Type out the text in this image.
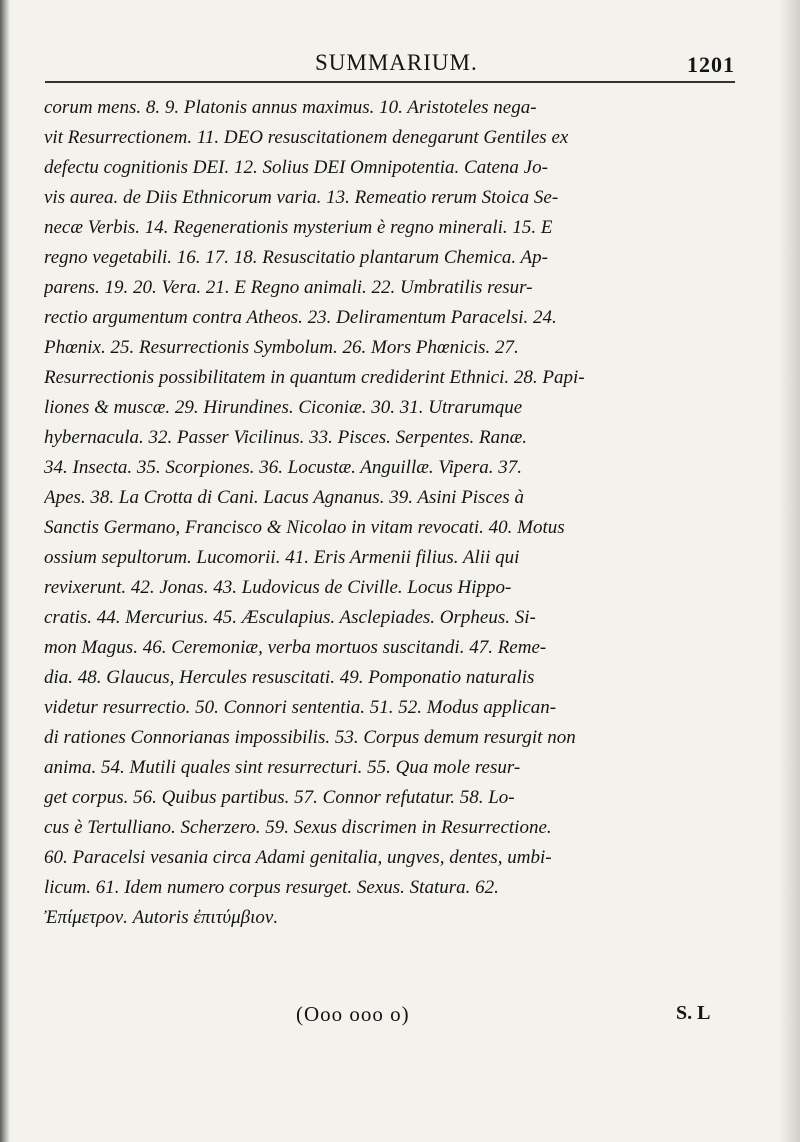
SUMMARIUM.	1201
corum mens. 8. 9. Platonis annus maximus. 10. Aristoteles nega-
vit Resurrectionem. 11. DEO resuscitationem denegarunt Gentiles ex
defectu cognitionis DEI. 12. Solius DEI Omnipotentia. Catena Jo-
vis aurea. de Diis Ethnicorum varia. 13. Remeatio rerum Stoica Se-
necæ Verbis. 14. Regenerationis mysterium è regno minerali. 15. E
regno vegetabili. 16. 17. 18. Resuscitatio plantarum Chemica. Ap-
parens. 19. 20. Vera. 21. E Regno animali. 22. Umbratilis resur-
rectio argumentum contra Atheos. 23. Deliramentum Paracelsi. 24.
Phœnix. 25. Resurrectionis Symbolum. 26. Mors Phœnicis. 27.
Resurrectionis possibilitatem in quantum crediderint Ethnici. 28. Papi-
liones & muscæ. 29. Hirundines. Ciconiæ. 30. 31. Utrarumque
hybernacula. 32. Passer Vicilinus. 33. Pisces. Serpentes. Ranæ.
34. Insecta. 35. Scorpiones. 36. Locustæ. Anguillæ. Vipera. 37.
Apes. 38. La Crotta di Cani. Lacus Agnanus. 39. Asini Pisces à
Sanctis Germano, Francisco & Nicolao in vitam revocati. 40. Motus
ossium sepultorum. Lucomorii. 41. Eris Armenii filius. Alii qui
revixerunt. 42. Jonas. 43. Ludovicus de Civille. Locus Hippo-
cratis. 44. Mercurius. 45. Æsculapius. Asclepiades. Orpheus. Si-
mon Magus. 46. Ceremoniæ, verba mortuos suscitandi. 47. Reme-
dia. 48. Glaucus, Hercules resuscitati. 49. Pomponatio naturalis
videtur resurrectio. 50. Connori sententia. 51. 52. Modus applican-
di rationes Connorianas impossibilis. 53. Corpus demum resurgit non
anima. 54. Mutili quales sint resurrecturi. 55. Qua mole resur-
get corpus. 56. Quibus partibus. 57. Connor refutatur. 58. Lo-
cus è Tertulliano. Scherzero. 59. Sexus discrimen in Resurrectione.
60. Paracelsi vesania circa Adami genitalia, ungves, dentes, umbi-
licum. 61. Idem numero corpus resurget. Sexus. Statura. 62.
Ἐπίμετρον. Autoris ἐπιτύμβιον.
(Ooo ooo o)	S. L
